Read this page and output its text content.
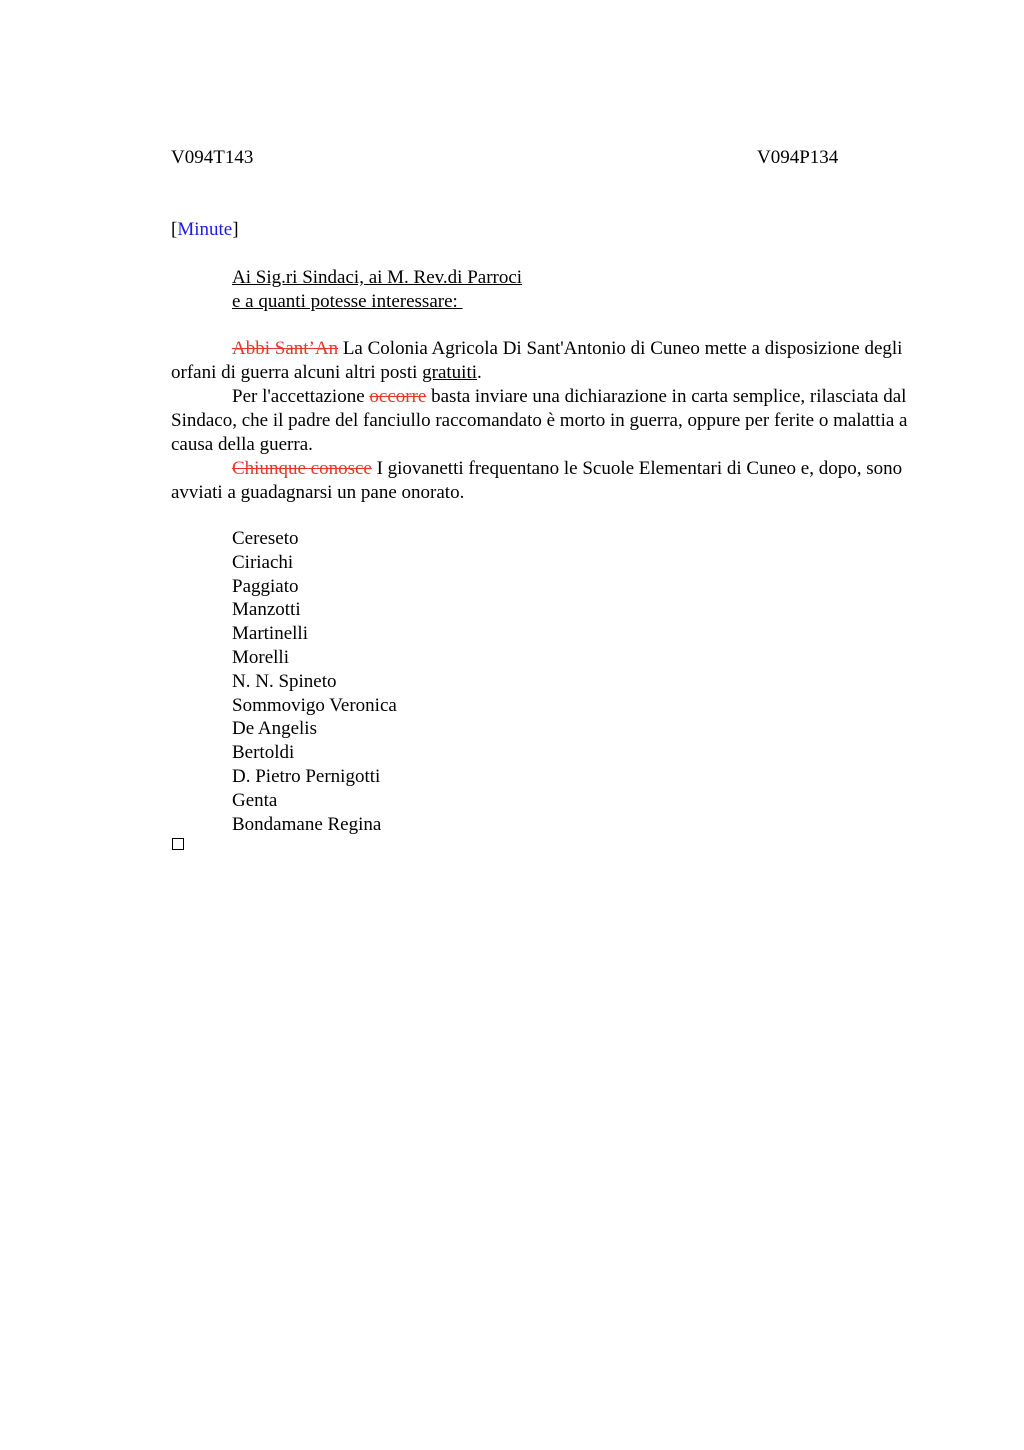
V094T143	V094P134
[Minute]
Ai Sig.ri Sindaci, ai M. Rev.di Parroci
e a quanti potesse interessare:

Abbi Sant’An La Colonia Agricola Di Sant'Antonio di Cuneo mette a disposizione degli orfani di guerra alcuni altri posti gratuiti.

Per l'accettazione occorre basta inviare una dichiarazione in carta semplice, rilasciata dal Sindaco, che il padre del fanciullo raccomandato è morto in guerra, oppure per ferite o malattia a causa della guerra.

Chiunque conosce I giovanetti frequentano le Scuole Elementari di Cuneo e, dopo, sono avviati a guadagnarsi un pane onorato.

Cereseto
Ciriachi
Paggiato
Manzotti
Martinelli
Morelli
N. N. Spineto
Sommovigo Veronica
De Angelis
Bertoldi
D. Pietro Pernigotti
Genta
Bondamane Regina
